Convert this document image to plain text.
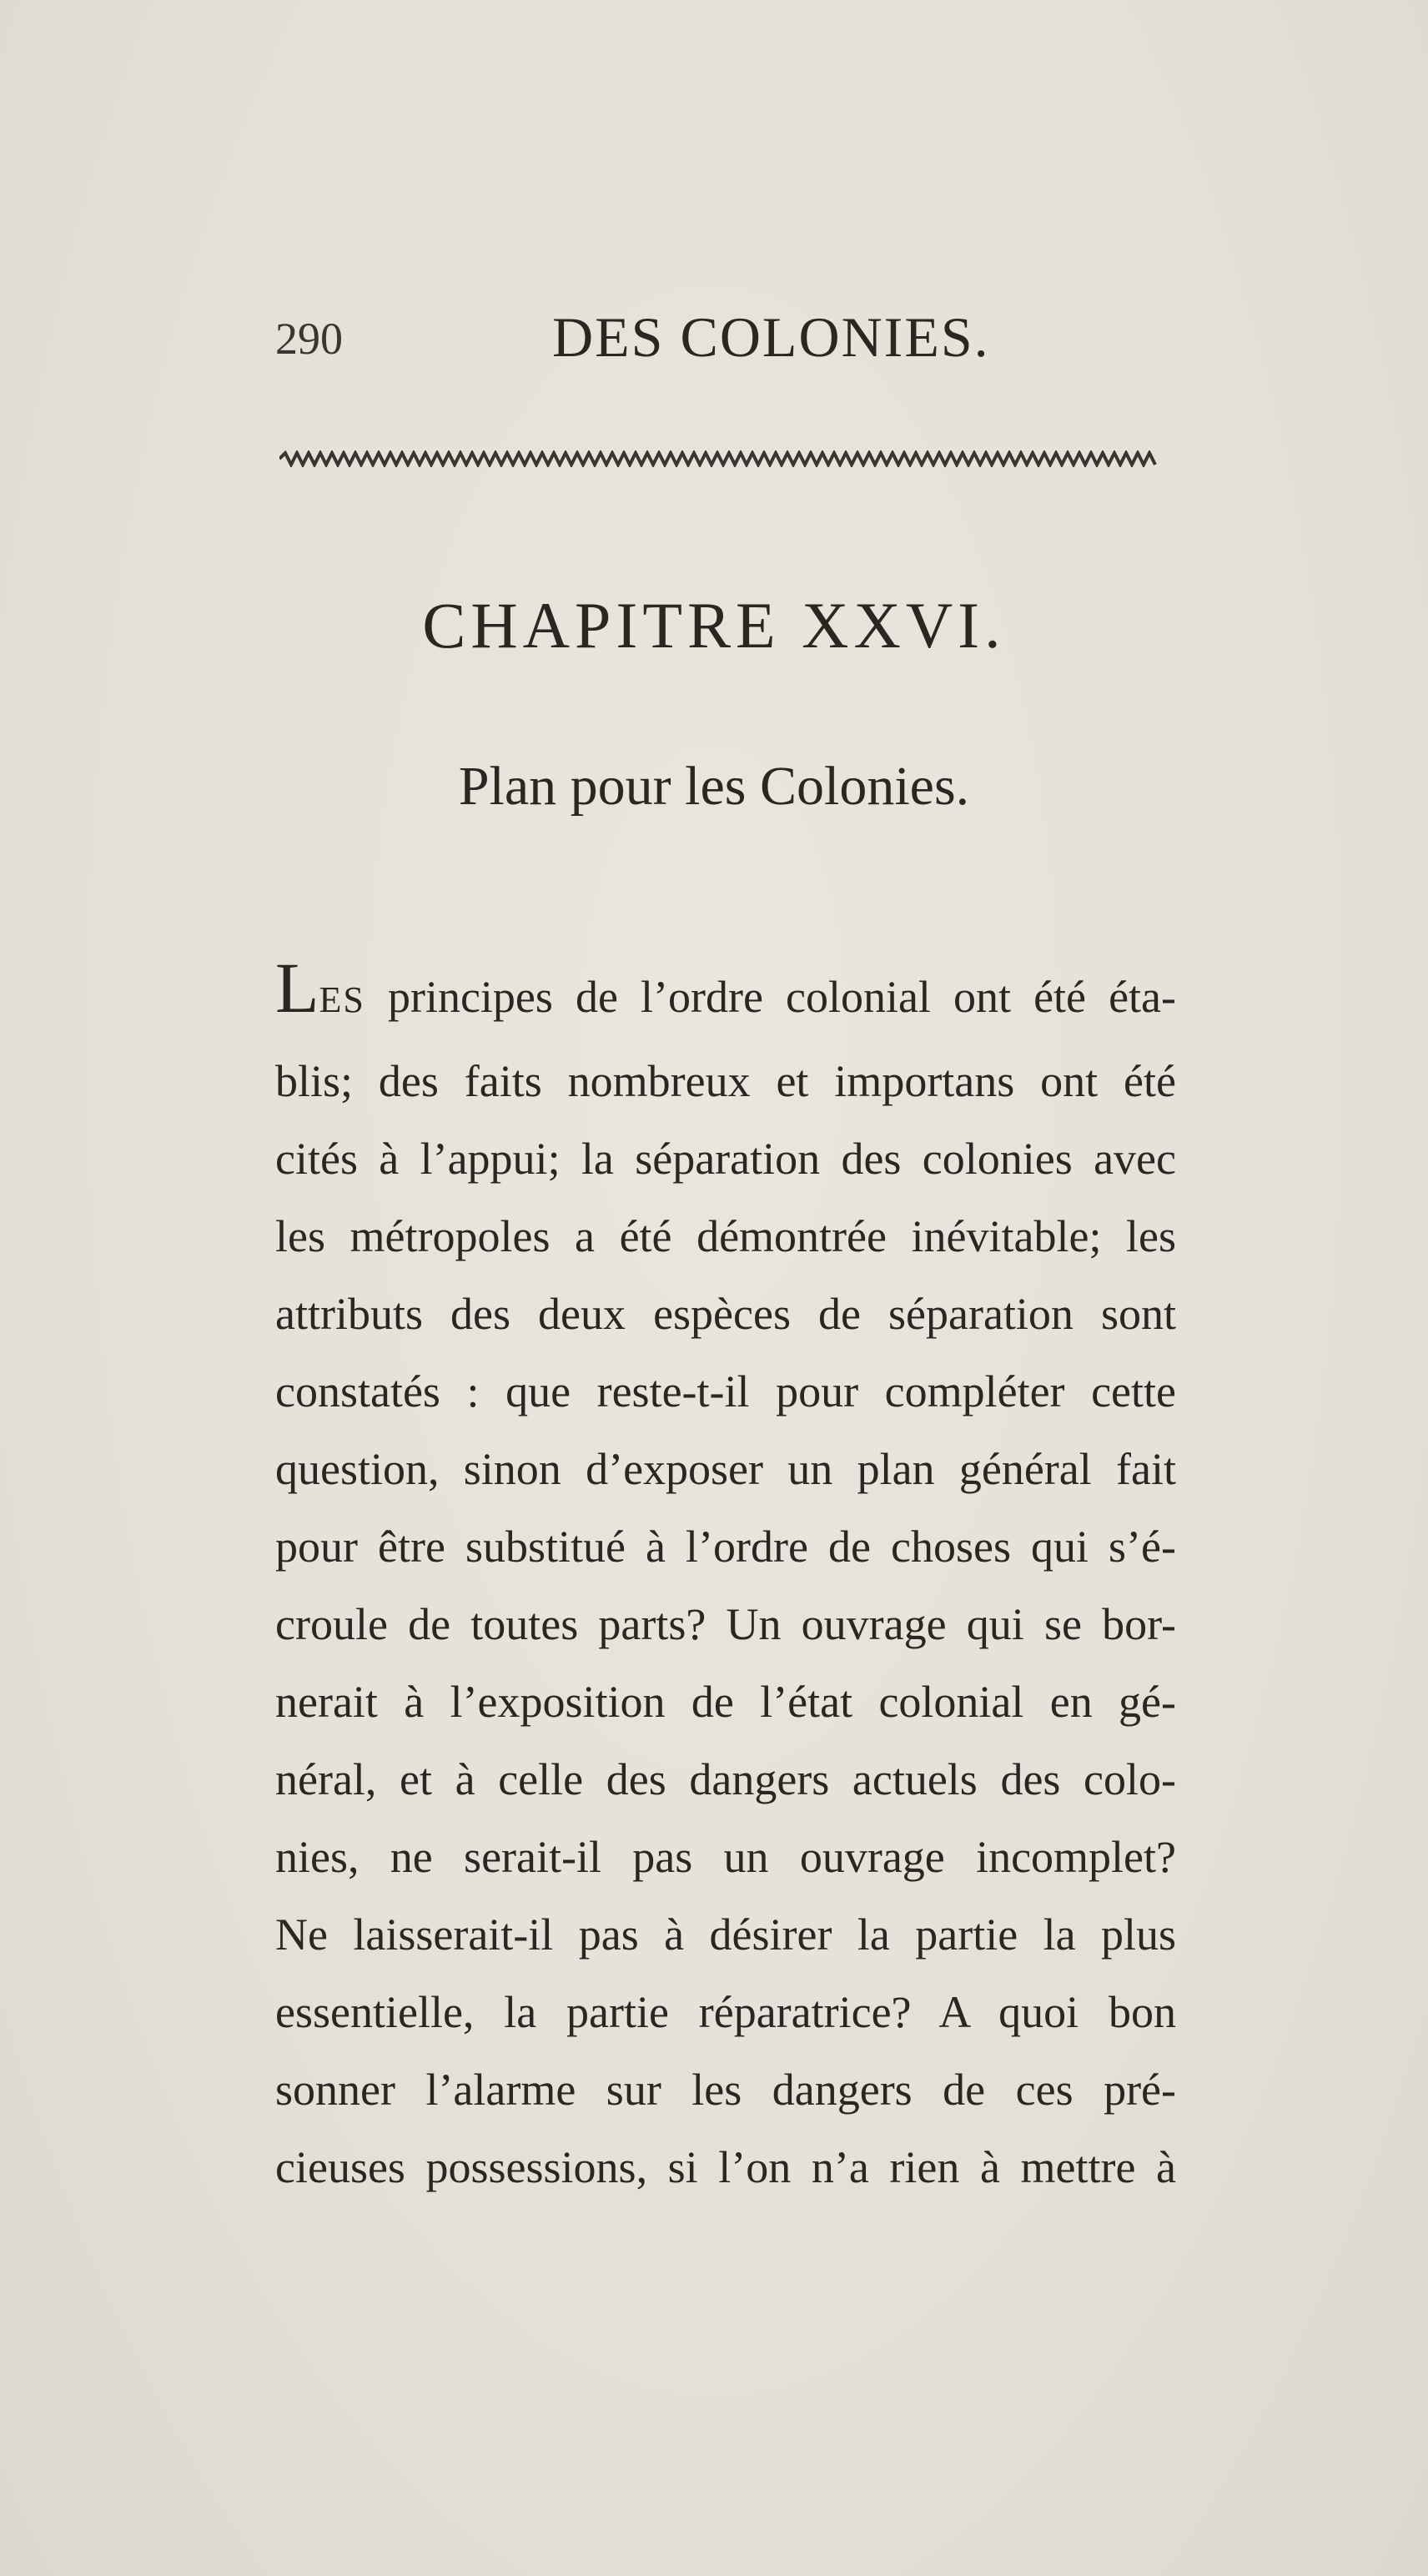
290	DES COLONIES.
CHAPITRE XXVI.
Plan pour les Colonies.
LES principes de l’ordre colonial ont été éta-
blis; des faits nombreux et importans ont été
cités à l’appui; la séparation des colonies avec
les métropoles a été démontrée inévitable; les
attributs des deux espèces de séparation sont
constatés : que reste-t-il pour compléter cette
question, sinon d’exposer un plan général fait
pour être substitué à l’ordre de choses qui s’é-
croule de toutes parts? Un ouvrage qui se bor-
nerait à l’exposition de l’état colonial en gé-
néral, et à celle des dangers actuels des colo-
nies, ne serait-il pas un ouvrage incomplet?
Ne laisserait-il pas à désirer la partie la plus
essentielle, la partie réparatrice? A quoi bon
sonner l’alarme sur les dangers de ces pré-
cieuses possessions, si l’on n’a rien à mettre à
